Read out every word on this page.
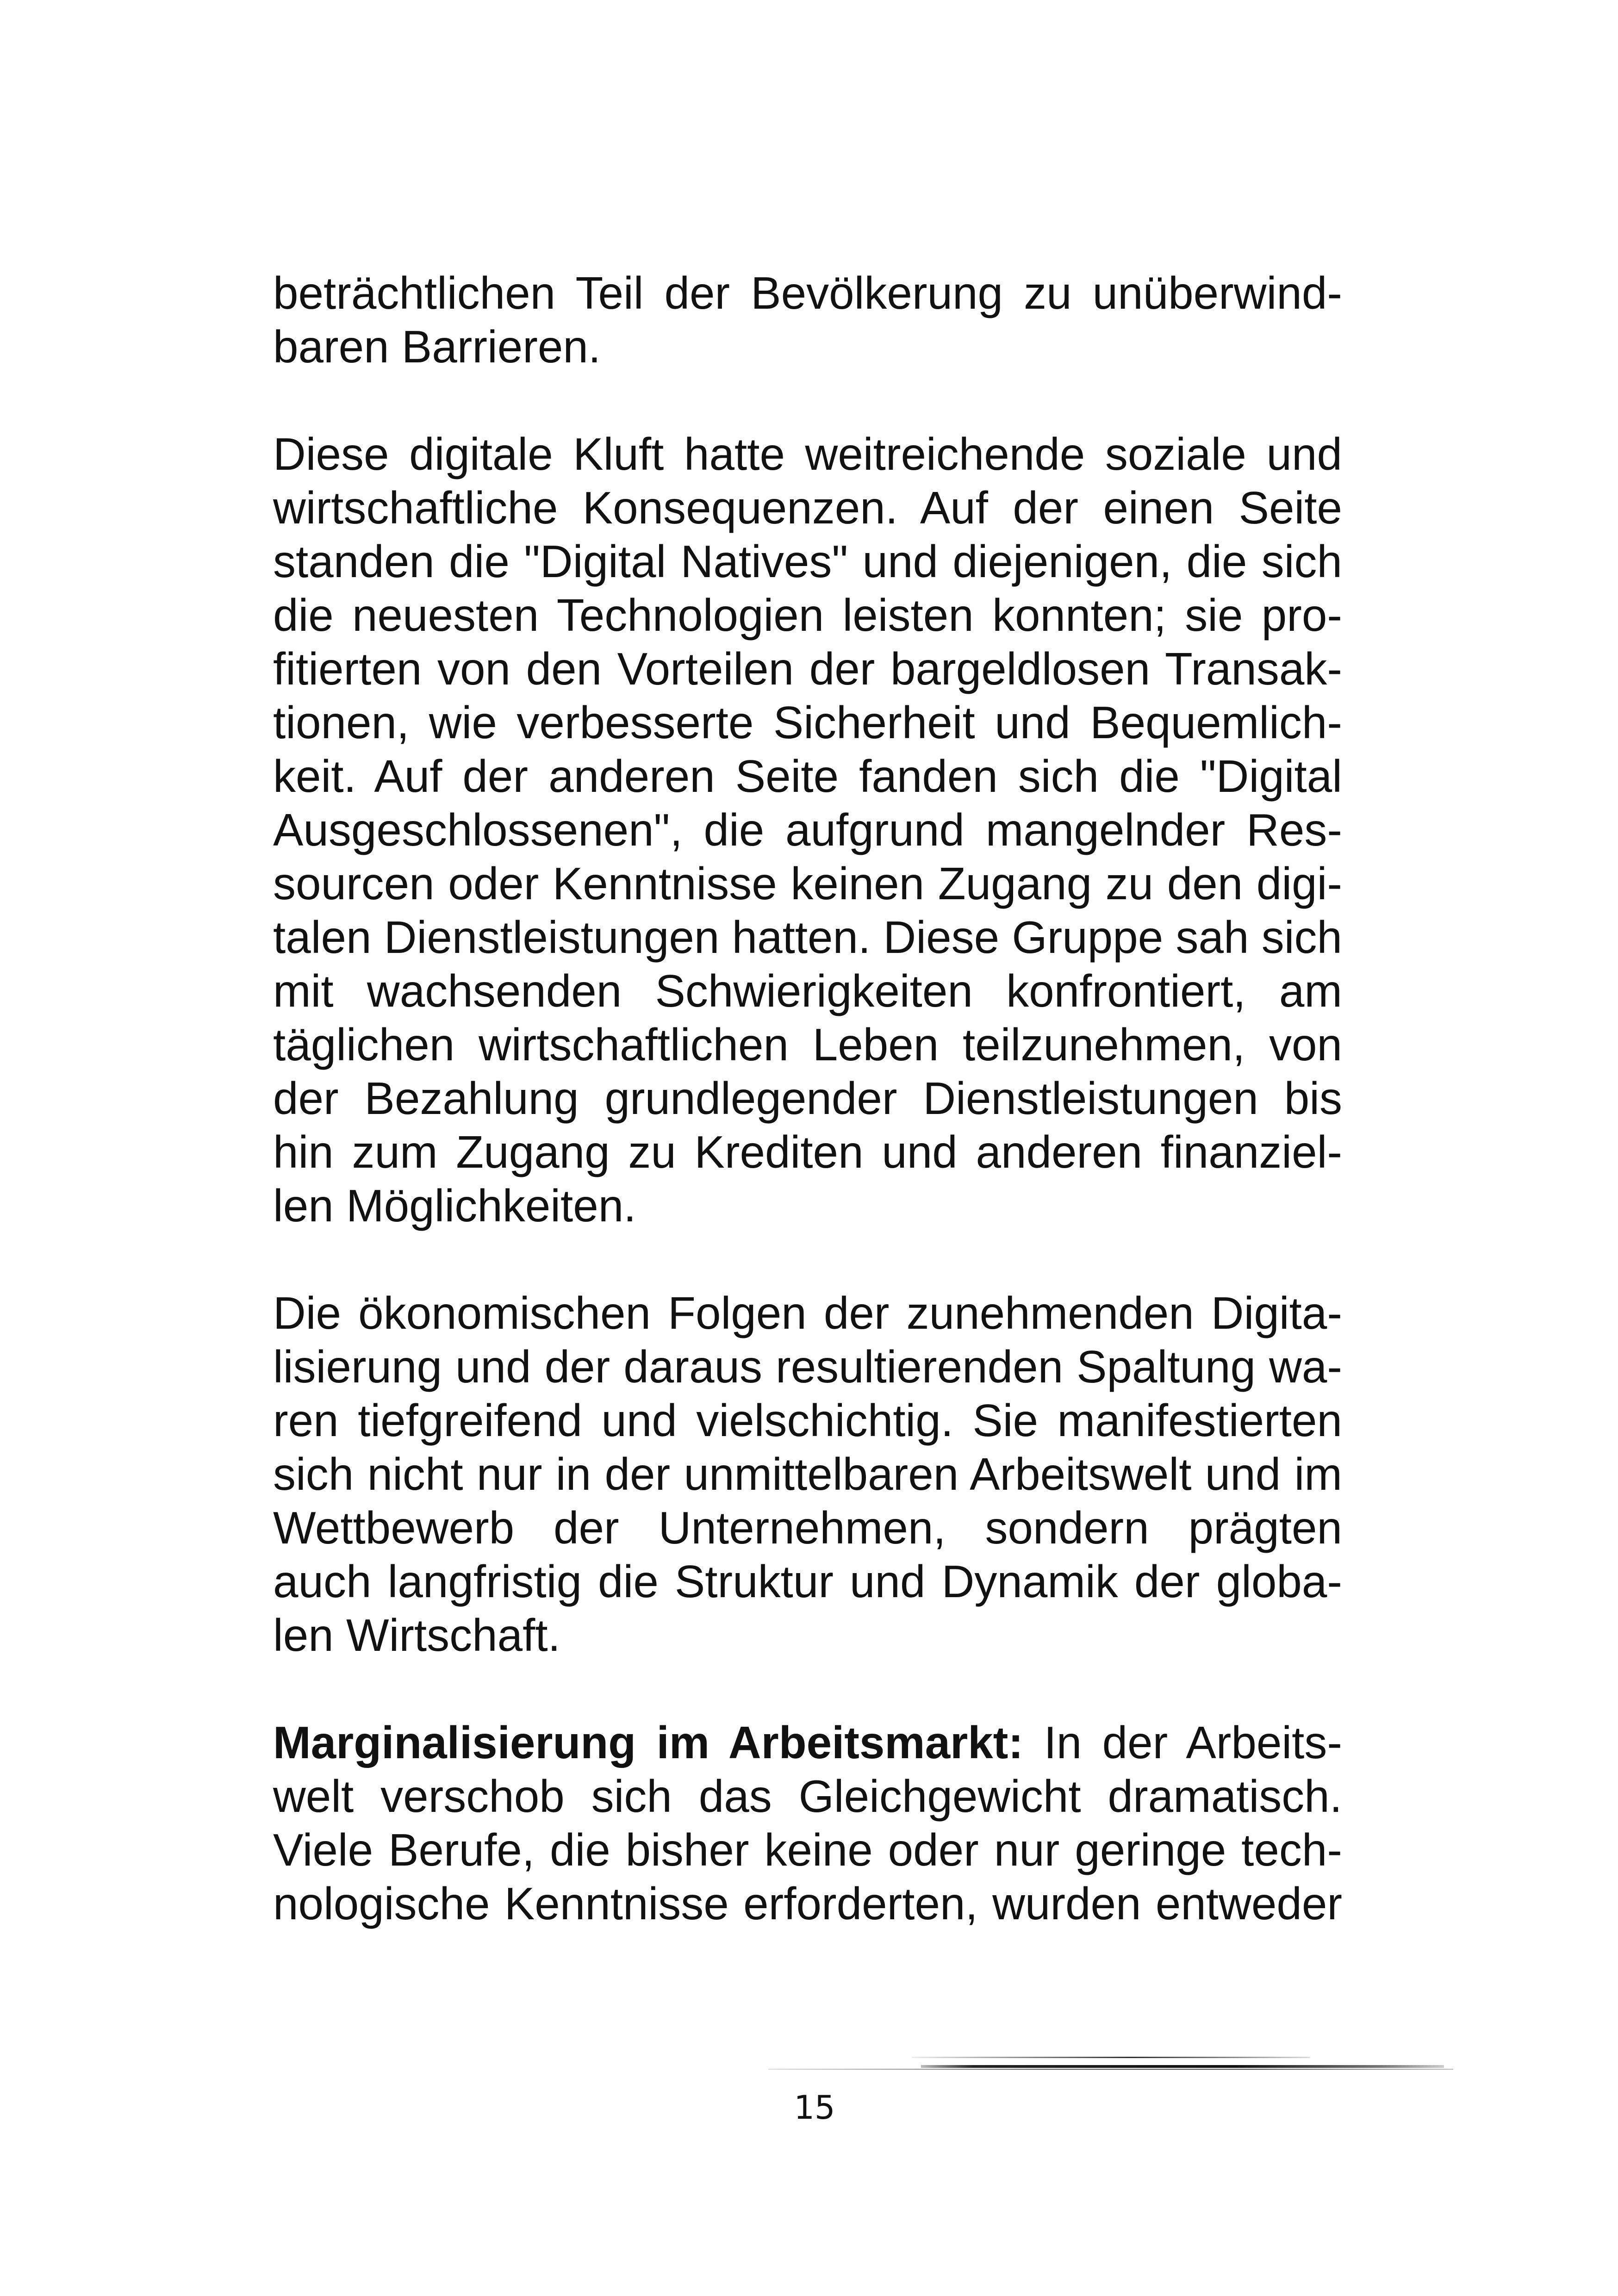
beträchtlichen Teil der Bevölkerung zu unüberwind-
baren Barrieren.
Diese digitale Kluft hatte weitreichende soziale und
wirtschaftliche Konsequenzen. Auf der einen Seite
standen die "Digital Natives" und diejenigen, die sich
die neuesten Technologien leisten konnten; sie pro-
fitierten von den Vorteilen der bargeldlosen Transak-
tionen, wie verbesserte Sicherheit und Bequemlich-
keit. Auf der anderen Seite fanden sich die "Digital
Ausgeschlossenen", die aufgrund mangelnder Res-
sourcen oder Kenntnisse keinen Zugang zu den digi-
talen Dienstleistungen hatten. Diese Gruppe sah sich
mit wachsenden Schwierigkeiten konfrontiert, am
täglichen wirtschaftlichen Leben teilzunehmen, von
der Bezahlung grundlegender Dienstleistungen bis
hin zum Zugang zu Krediten und anderen finanziel-
len Möglichkeiten.
Die ökonomischen Folgen der zunehmenden Digita-
lisierung und der daraus resultierenden Spaltung wa-
ren tiefgreifend und vielschichtig. Sie manifestierten
sich nicht nur in der unmittelbaren Arbeitswelt und im
Wettbewerb der Unternehmen, sondern prägten
auch langfristig die Struktur und Dynamik der globa-
len Wirtschaft.
Marginalisierung im Arbeitsmarkt: In der Arbeits-
welt verschob sich das Gleichgewicht dramatisch.
Viele Berufe, die bisher keine oder nur geringe tech-
nologische Kenntnisse erforderten, wurden entweder
15
